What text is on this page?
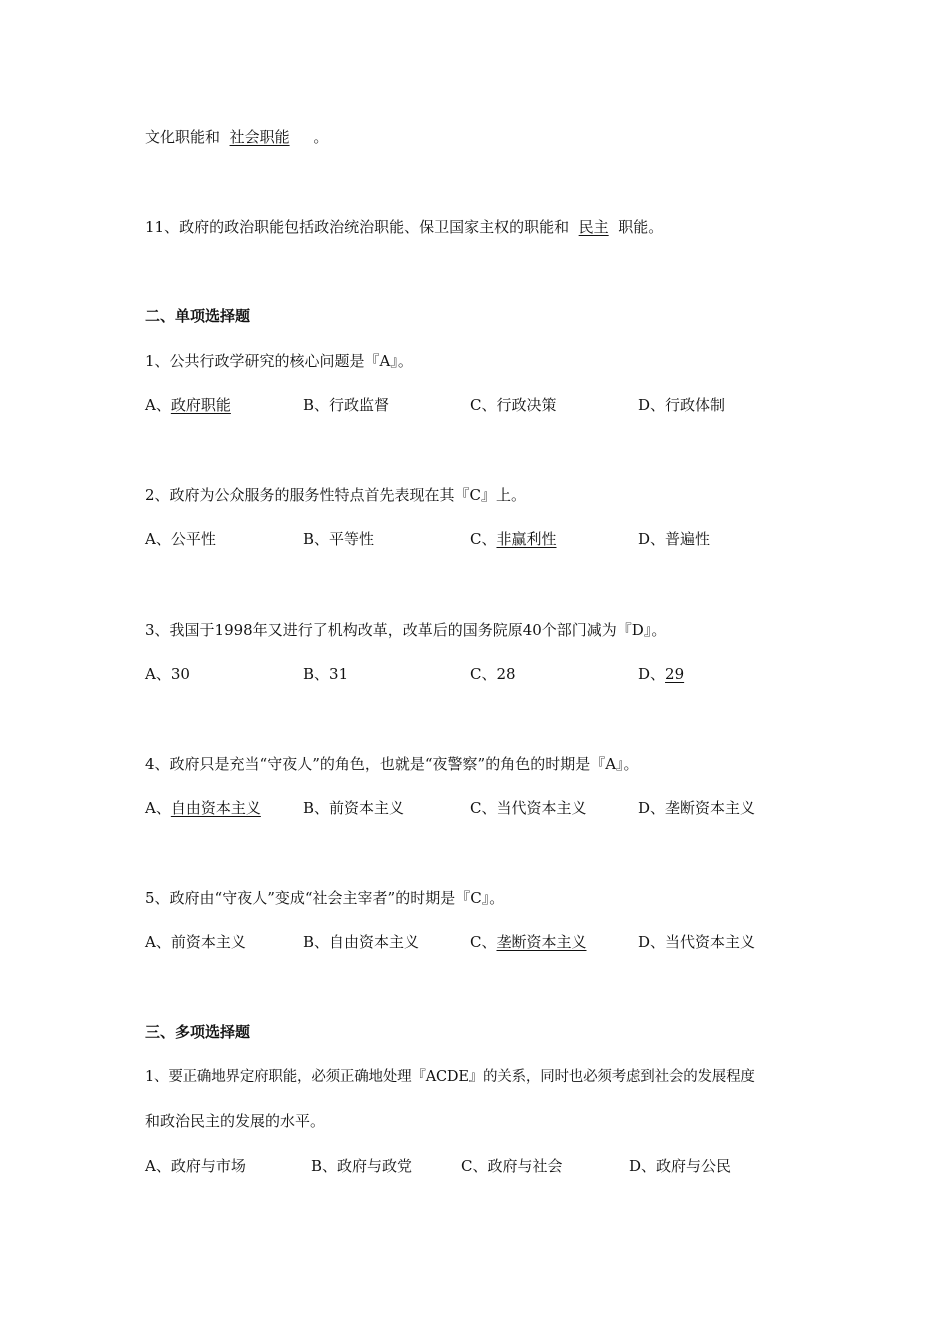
文化职能和 社会职能 。
11、政府的政治职能包括政治统治职能、保卫国家主权的职能和 民主 职能。
二、单项选择题
1、公共行政学研究的核心问题是『A』。
A、政府职能	B、行政监督	C、行政决策	D、行政体制
2、政府为公众服务的服务性特点首先表现在其『C』上。
A、公平性	B、平等性	C、非赢利性	D、普遍性
3、我国于1998年又进行了机构改革，改革后的国务院原40个部门减为『D』。
A、30	B、31	C、28	D、29
4、政府只是充当“守夜人”的角色，也就是“夜警察”的角色的时期是『A』。
A、自由资本主义	B、前资本主义	C、当代资本主义	D、垄断资本主义
5、政府由“守夜人”变成“社会主宰者”的时期是『C』。
A、前资本主义	B、自由资本主义	C、垄断资本主义	D、当代资本主义
三、多项选择题
1、要正确地界定府职能，必须正确地处理『ACDE』的关系，同时也必须考虑到社会的发展程度
和政治民主的发展的水平。
A、政府与市场	B、政府与政党	C、政府与社会	D、政府与公民
